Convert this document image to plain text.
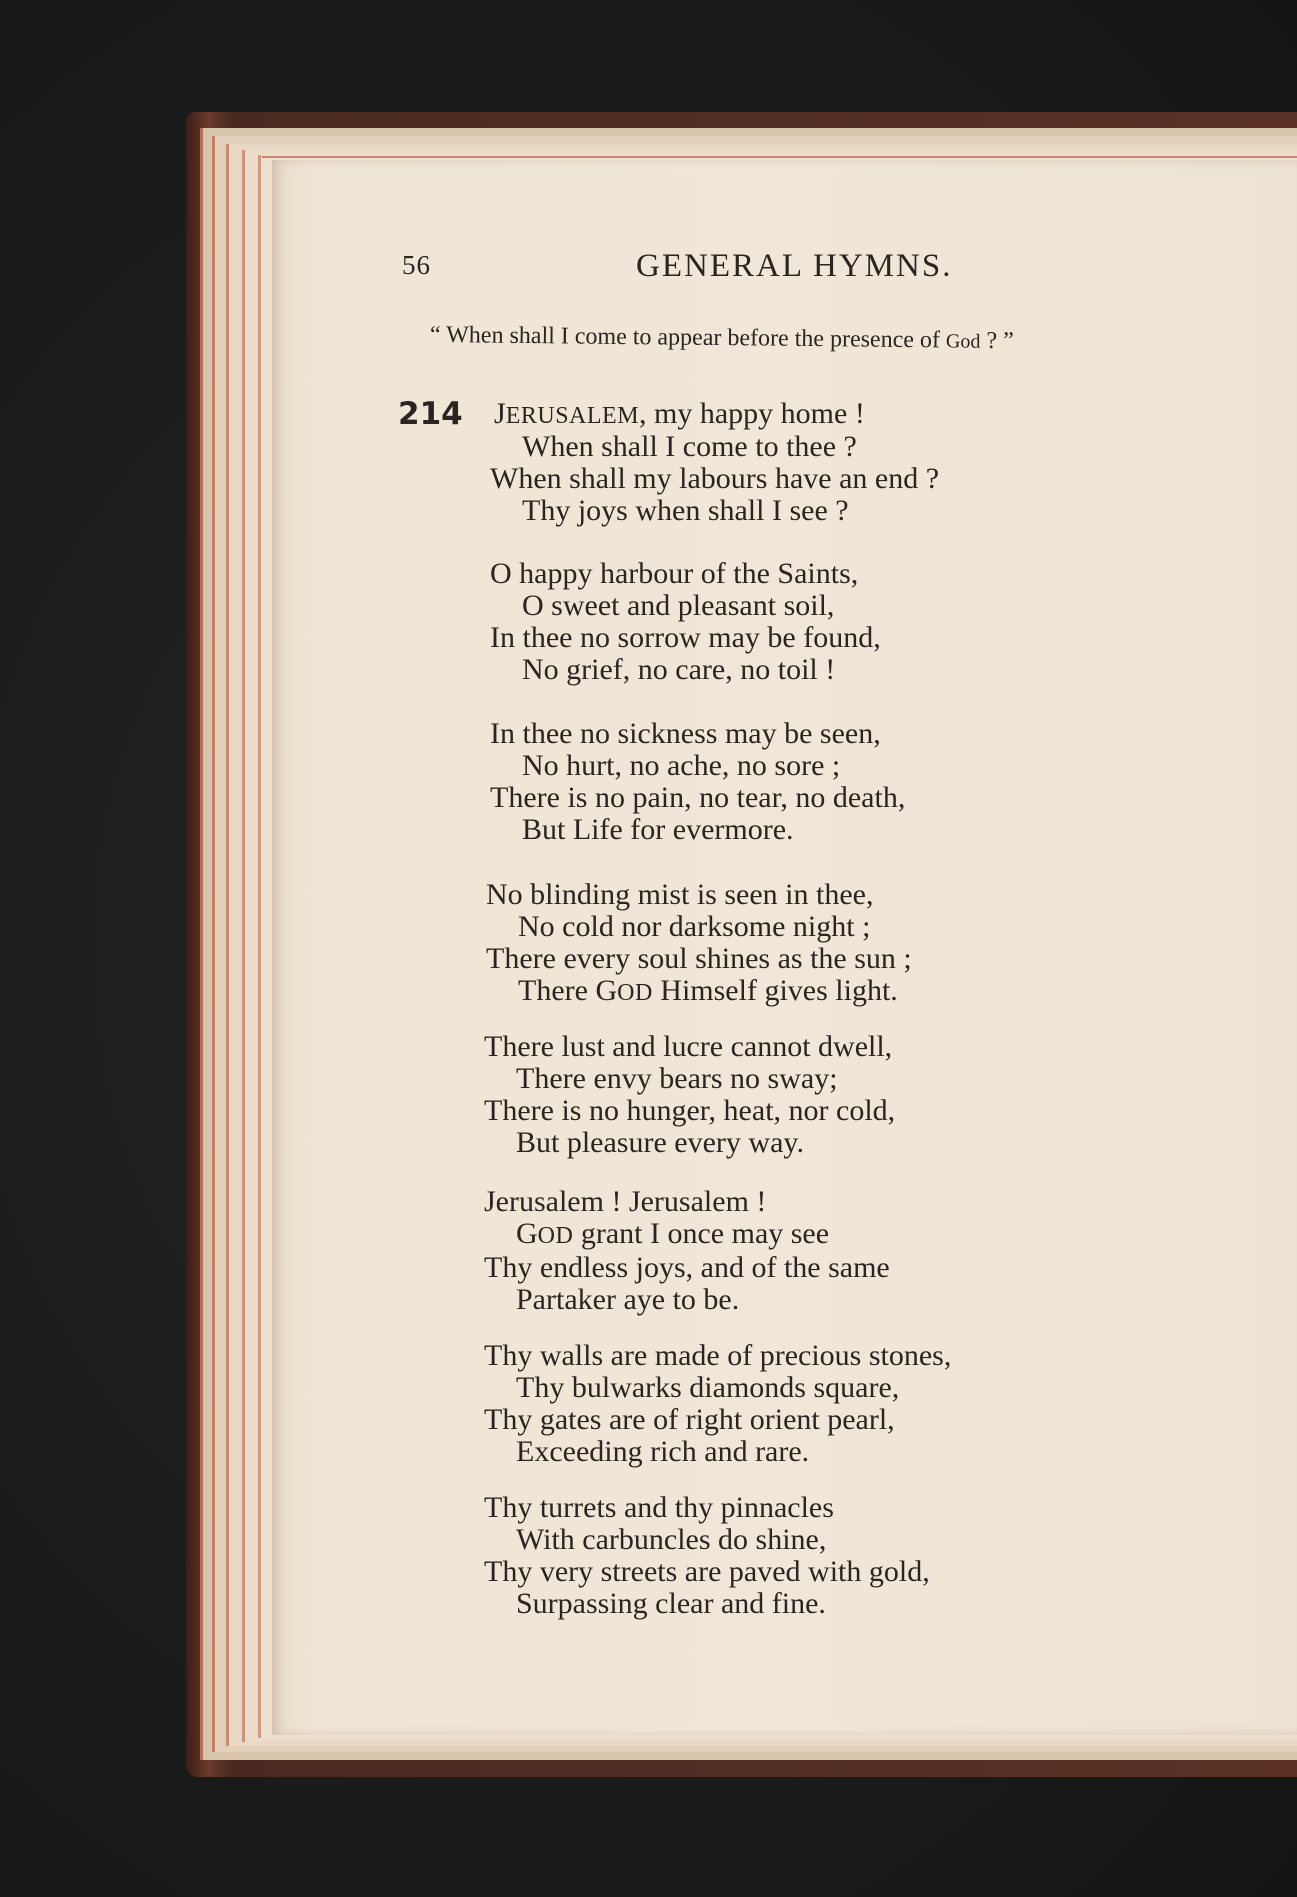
56	GENERAL HYMNS.
“ When shall I come to appear before the presence of God ? ”
214 JERUSALEM, my happy home !
When shall I come to thee ?
When shall my labours have an end ?
Thy joys when shall I see ?
O happy harbour of the Saints,
O sweet and pleasant soil,
In thee no sorrow may be found,
No grief, no care, no toil !
In thee no sickness may be seen,
No hurt, no ache, no sore ;
There is no pain, no tear, no death,
But Life for evermore.
No blinding mist is seen in thee,
No cold nor darksome night ;
There every soul shines as the sun ;
There GOD Himself gives light.
There lust and lucre cannot dwell,
There envy bears no sway;
There is no hunger, heat, nor cold,
But pleasure every way.
Jerusalem ! Jerusalem !
GOD grant I once may see
Thy endless joys, and of the same
Partaker aye to be.
Thy walls are made of precious stones,
Thy bulwarks diamonds square,
Thy gates are of right orient pearl,
Exceeding rich and rare.
Thy turrets and thy pinnacles
With carbuncles do shine,
Thy very streets are paved with gold,
Surpassing clear and fine.
